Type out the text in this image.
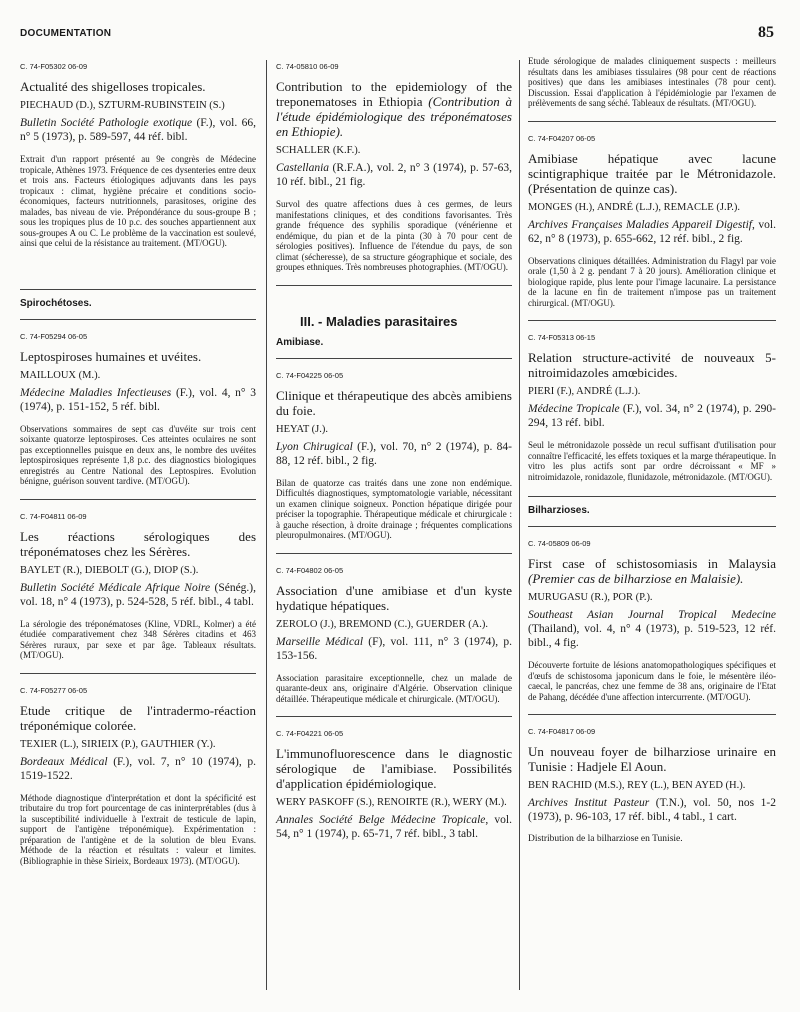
DOCUMENTATION	85
C. 74-F05302 06-09
Actualité des shigelloses tropicales.
PIECHAUD (D.), SZTURM-RUBINSTEIN (S.)
Bulletin Société Pathologie exotique (F.), vol. 66, n° 5 (1973), p. 589-597, 44 réf. bibl.
Extrait d'un rapport présenté au 9e congrès de Médecine tropicale, Athènes 1973. Fréquence de ces dysenteries entre deux et trois ans. Facteurs étiologiques adjuvants dans les pays tropicaux : climat, hygiène précaire et conditions socio-économiques, facteurs nutritionnels, parasitoses, origine des malades, bas niveau de vie. Prépondérance du sous-groupe B ; sous les tropiques plus de 10 p.c. des souches appartiennent aux sous-groupes A ou C. Le problème de la vaccination est soulevé, ainsi que celui de la résistance au traitement. (MT/OGU).
Spirochétoses.
C. 74-F05294 06-05
Leptospiroses humaines et uvéites.
MAILLOUX (M.).
Médecine Maladies Infectieuses (F.), vol. 4, n° 3 (1974), p. 151-152, 5 réf. bibl.
Observations sommaires de sept cas d'uvéite sur trois cent soixante quatorze leptospiroses. Ces atteintes oculaires ne sont pas exceptionnelles puisque en deux ans, le nombre des uvéites leptospirosiques représente 1,8 p.c. des diagnostics biologiques enregistrés au Centre National des Leptospires. Evolution bénigne, guérison souvent tardive. (MT/OGU).
C. 74-F04811 06-09
Les réactions sérologiques des tréponématoses chez les Sérères.
BAYLET (R.), DIEBOLT (G.), DIOP (S.).
Bulletin Société Médicale Afrique Noire (Sénég.), vol. 18, n° 4 (1973), p. 524-528, 5 réf. bibl., 4 tabl.
La sérologie des tréponématoses (Kline, VDRL, Kolmer) a été étudiée comparativement chez 348 Sérères citadins et 463 Sérères ruraux, par sexe et par âge. Tableaux résultats. (MT/OGU).
C. 74-F05277 06-05
Etude critique de l'intradermo-réaction tréponémique colorée.
TEXIER (L.), SIRIEIX (P.), GAUTHIER (Y.).
Bordeaux Médical (F.), vol. 7, n° 10 (1974), p. 1519-1522.
Méthode diagnostique d'interprétation et dont la spécificité est tributaire du trop fort pourcentage de cas ininterprétables (dus à la susceptibilité individuelle à l'extrait de testicule de lapin, support de l'antigène tréponémique). Expérimentation : préparation de l'antigène et de la solution de bleu Evans. Méthode de la réaction et résultats : valeur et limites. (Bibliographie in thèse Sirieix, Bordeaux 1973). (MT/OGU).
C. 74-05810 06-09
Contribution to the epidemiology of the treponematoses in Ethiopia (Contribution à l'étude épidémiologique des tréponématoses en Ethiopie).
SCHALLER (K.F.).
Castellania (R.F.A.), vol. 2, n° 3 (1974), p. 57-63, 10 réf. bibl., 21 fig.
Survol des quatre affections dues à ces germes, de leurs manifestations cliniques, et des conditions favorisantes. Très grande fréquence des syphilis sporadique (vénérienne et endémique, du pian et de la pinta (30 à 70 pour cent de sérologies positives). Influence de l'étendue du pays, de son climat (sécheresse), de sa structure géographique et sociale, des groupes ethniques. Très nombreuses photographies. (MT/OGU).
III. - Maladies parasitaires
Amibiase.
C. 74-F04225 06-05
Clinique et thérapeutique des abcès amibiens du foie.
HEYAT (J.).
Lyon Chirugical (F.), vol. 70, n° 2 (1974), p. 84-88, 12 réf. bibl., 2 fig.
Bilan de quatorze cas traités dans une zone non endémique. Difficultés diagnostiques, symptomatologie variable, nécessitant un examen clinique soigneux. Ponction hépatique dirigée pour préciser la topographie. Thérapeutique médicale et chirurgicale : à gauche résection, à droite drainage ; fréquentes complications pleuropulmonaires. (MT/OGU).
C. 74-F04802 06-05
Association d'une amibiase et d'un kyste hydatique hépatiques.
ZEROLO (J.), BREMOND (C.), GUERDER (A.).
Marseille Médical (F), vol. 111, n° 3 (1974), p. 153-156.
Association parasitaire exceptionnelle, chez un malade de quarante-deux ans, originaire d'Algérie. Observation clinique détaillée. Thérapeutique médicale et chirurgicale. (MT/OGU).
C. 74-F04221 06-05
L'immunofluorescence dans le diagnostic sérologique de l'amibiase. Possibilités d'application épidémiologique.
WERY PASKOFF (S.), RENOIRTE (R.), WERY (M.).
Annales Société Belge Médecine Tropicale, vol. 54, n° 1 (1974), p. 65-71, 7 réf. bibl., 3 tabl.
Etude sérologique de malades cliniquement suspects : meilleurs résultats dans les amibiases tissulaires (98 pour cent de réactions positives) que dans les amibiases intestinales (78 pour cent). Discussion. Essai d'application à l'épidémiologie par l'examen de prélèvements de sang séché. Tableaux de résultats. (MT/OGU).
C. 74-F04207 06-05
Amibiase hépatique avec lacune scintigraphique traitée par le Métronidazole. (Présentation de quinze cas).
MONGES (H.), ANDRÉ (L.J.), REMACLE (J.P.).
Archives Françaises Maladies Appareil Digestif, vol. 62, n° 8 (1973), p. 655-662, 12 réf. bibl., 2 fig.
Observations cliniques détaillées. Administration du Flagyl par voie orale (1,50 à 2 g. pendant 7 à 20 jours). Amélioration clinique et biologique rapide, plus lente pour l'image lacunaire. La persistance de la lacune en fin de traitement n'impose pas un traitement chirurgical. (MT/OGU).
C. 74-F05313 06-15
Relation structure-activité de nouveaux 5-nitroimidazoles amœbicides.
PIERI (F.), ANDRÉ (L.J.).
Médecine Tropicale (F.), vol. 34, n° 2 (1974), p. 290-294, 13 réf. bibl.
Seul le métronidazole possède un recul suffisant d'utilisation pour connaître l'efficacité, les effets toxiques et la marge thérapeutique. In vitro les plus actifs sont par ordre décroissant « MF » nitroimidazole, ronidazole, flunidazole, métronidazole. (MT/OGU).
Bilharzioses.
C. 74-05809 06-09
First case of schistosomiasis in Malaysia (Premier cas de bilharziose en Malaisie).
MURUGASU (R.), POR (P.).
Southeast Asian Journal Tropical Medecine (Thailand), vol. 4, n° 4 (1973), p. 519-523, 12 réf. bibl., 4 fig.
Découverte fortuite de lésions anatomopathologiques spécifiques et d'œufs de schistosoma japonicum dans le foie, le mésentère iléo-caecal, le pancréas, chez une femme de 38 ans, originaire de l'Etat de Pahang, décédée d'une affection intercurrente. (MT/OGU).
C. 74-F04817 06-09
Un nouveau foyer de bilharziose urinaire en Tunisie : Hadjele El Aoun.
BEN RACHID (M.S.), REY (L.), BEN AYED (H.).
Archives Institut Pasteur (T.N.), vol. 50, nos 1-2 (1973), p. 96-103, 17 réf. bibl., 4 tabl., 1 cart.
Distribution de la bilharziose en Tunisie.
